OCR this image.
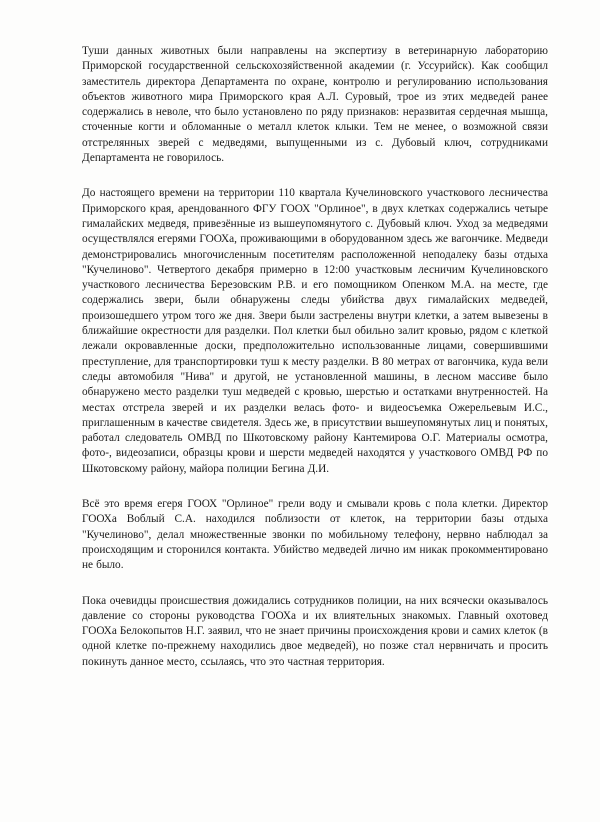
Туши данных животных были направлены на экспертизу в ветеринарную лабораторию Приморской государственной сельскохозяйственной академии (г. Уссурийск). Как сообщил заместитель директора Департамента по охране, контролю и регулированию использования объектов животного мира Приморского края А.Л. Суровый, трое из этих медведей ранее содержались в неволе, что было установлено по ряду признаков: неразвитая сердечная мышца, сточенные когти и обломанные о металл клеток клыки. Тем не менее, о возможной связи отстрелянных зверей с медведями, выпущенными из с. Дубовый ключ, сотрудниками Департамента не говорилось.

До настоящего времени на территории 110 квартала Кучелиновского участкового лесничества Приморского края, арендованного ФГУ ГООХ "Орлиное", в двух клетках содержались четыре гималайских медведя, привезённые из вышеупомянутого с. Дубовый ключ. Уход за медведями осуществлялся егерями ГООХа, проживающими в оборудованном здесь же вагончике. Медведи демонстрировались многочисленным посетителям расположенной неподалеку базы отдыха "Кучелиново". Четвертого декабря примерно в 12:00 участковым лесничим Кучелиновского участкового лесничества Березовским Р.В. и его помощником Опенком М.А. на месте, где содержались звери, были обнаружены следы убийства двух гималайских медведей, произошедшего утром того же дня. Звери были застрелены внутри клетки, а затем вывезены в ближайшие окрестности для разделки. Пол клетки был обильно залит кровью, рядом с клеткой лежали окровавленные доски, предположительно использованные лицами, совершившими преступление, для транспортировки туш к месту разделки. В 80 метрах от вагончика, куда вели следы автомобиля "Нива" и другой, не установленной машины, в лесном массиве было обнаружено место разделки туш медведей с кровью, шерстью и остатками внутренностей. На местах отстрела зверей и их разделки велась фото- и видеосъемка Ожерельевым И.С., приглашенным в качестве свидетеля. Здесь же, в присутствии вышеупомянутых лиц и понятых, работал следователь ОМВД по Шкотовскому району Кантемирова О.Г. Материалы осмотра, фото-, видеозаписи, образцы крови и шерсти медведей находятся у участкового ОМВД РФ по Шкотовскому району, майора полиции Бегина Д.И.

Всё это время егеря ГООХ "Орлиное" грели воду и смывали кровь с пола клетки. Директор ГООХа Воблый С.А. находился поблизости от клеток, на территории базы отдыха "Кучелиново", делал множественные звонки по мобильному телефону, нервно наблюдал за происходящим и сторонился контакта. Убийство медведей лично им никак прокомментировано не было.

Пока очевидцы происшествия дожидались сотрудников полиции, на них всячески оказывалось давление со стороны руководства ГООХа и их влиятельных знакомых. Главный охотовед ГООХа Белокопытов Н.Г. заявил, что не знает причины происхождения крови и самих клеток (в одной клетке по-прежнему находились двое медведей), но позже стал нервничать и просить покинуть данное место, ссылаясь, что это частная территория.
